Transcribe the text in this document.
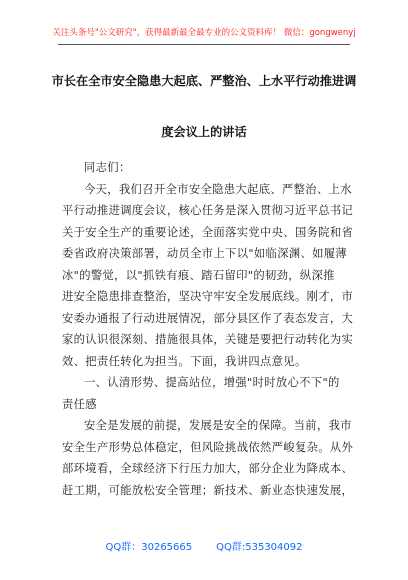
关注头条号"公文研究"，获得最新最全最专业的公文资料库！ 微信：gongwenyj
市长在全市安全隐患大起底、严整治、上水平行动推进调
度会议上的讲话
同志们：
今天，我们召开全市安全隐患大起底、严整治、上水
平行动推进调度会议，核心任务是深入贯彻习近平总书记
关于安全生产的重要论述，全面落实党中央、国务院和省
委省政府决策部署，动员全市上下以"如临深渊、如履薄
冰"的警觉，以"抓铁有痕、踏石留印"的韧劲，纵深推
进安全隐患排查整治，坚决守牢安全发展底线。刚才，市
安委办通报了行动进展情况，部分县区作了表态发言，大
家的认识很深刻、措施很具体，关键是要把行动转化为实
效、把责任转化为担当。下面，我讲四点意见。
一、认清形势、提高站位，增强"时时放心不下"的
责任感
安全是发展的前提，发展是安全的保障。当前，我市
安全生产形势总体稳定，但风险挑战依然严峻复杂。从外
部环境看，全球经济下行压力加大，部分企业为降成本、
赶工期，可能放松安全管理；新技术、新业态快速发展，
QQ群：30265665 QQ群:535304092
